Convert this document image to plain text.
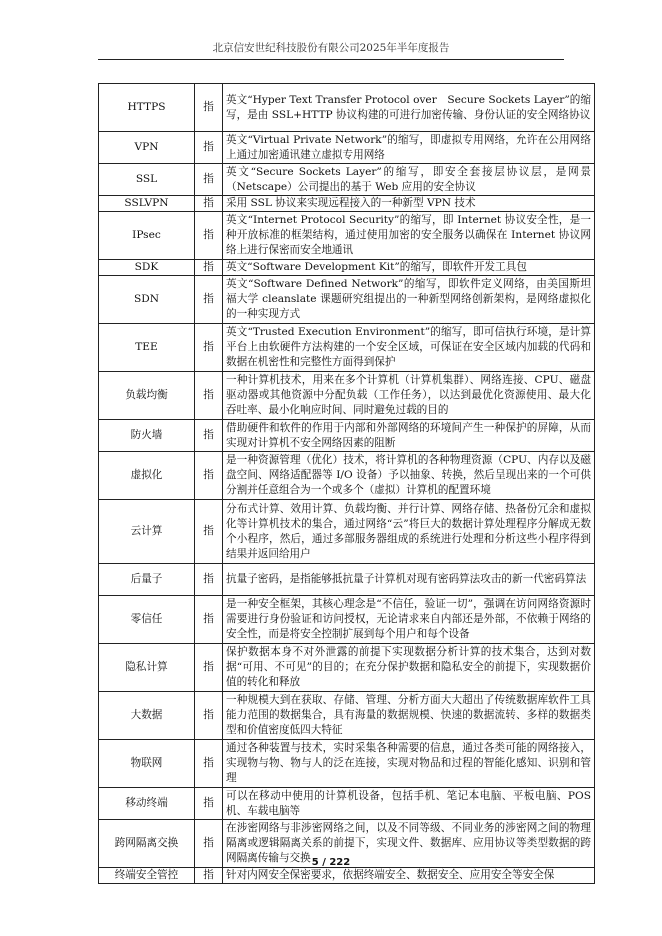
北京信安世纪科技股份有限公司2025年半年度报告
HTTPS	指	英文“Hyper Text Transfer Protocol over　Secure Sockets Layer”的缩写，是由 SSL+HTTP 协议构建的可进行加密传输、身份认证的安全网络协议
VPN	指	英文“Virtual Private Network”的缩写，即虚拟专用网络，允许在公用网络上通过加密通讯建立虚拟专用网络
SSL	指	英文“Secure Sockets Layer”的缩写，即安全套接层协议层，是网景（Netscape）公司提出的基于 Web 应用的安全协议
SSLVPN	指	采用 SSL 协议来实现远程接入的一种新型 VPN 技术
IPsec	指	英文“Internet Protocol Security”的缩写，即 Internet 协议安全性，是一种开放标准的框架结构，通过使用加密的安全服务以确保在 Internet 协议网络上进行保密而安全地通讯
SDK	指	英文“Software Development Kit”的缩写，即软件开发工具包
SDN	指	英文“Software Defined Network”的缩写，即软件定义网络，由美国斯坦福大学 cleanslate 课题研究组提出的一种新型网络创新架构，是网络虚拟化的一种实现方式
TEE	指	英文“Trusted Execution Environment”的缩写，即可信执行环境，是计算平台上由软硬件方法构建的一个安全区域，可保证在安全区域内加载的代码和数据在机密性和完整性方面得到保护
负载均衡	指	一种计算机技术，用来在多个计算机（计算机集群）、网络连接、CPU、磁盘驱动器或其他资源中分配负载（工作任务），以达到最优化资源使用、最大化吞吐率、最小化响应时间、同时避免过载的目的
防火墙	指	借助硬件和软件的作用于内部和外部网络的环境间产生一种保护的屏障，从而实现对计算机不安全网络因素的阻断
虚拟化	指	是一种资源管理（优化）技术，将计算机的各种物理资源（CPU、内存以及磁盘空间、网络适配器等 I/O 设备）予以抽象、转换，然后呈现出来的一个可供分割并任意组合为一个或多个（虚拟）计算机的配置环境
云计算	指	分布式计算、效用计算、负载均衡、并行计算、网络存储、热备份冗余和虚拟化等计算机技术的集合，通过网络“云”将巨大的数据计算处理程序分解成无数个小程序，然后，通过多部服务器组成的系统进行处理和分析这些小程序得到结果并返回给用户
后量子	指	抗量子密码，是指能够抵抗量子计算机对现有密码算法攻击的新一代密码算法
零信任	指	是一种安全框架，其核心理念是“不信任，验证一切”，强调在访问网络资源时需要进行身份验证和访问授权，无论请求来自内部还是外部，不依赖于网络的安全性，而是将安全控制扩展到每个用户和每个设备
隐私计算	指	保护数据本身不对外泄露的前提下实现数据分析计算的技术集合，达到对数据“可用、不可见”的目的；在充分保护数据和隐私安全的前提下，实现数据价值的转化和释放
大数据	指	一种规模大到在获取、存储、管理、分析方面大大超出了传统数据库软件工具能力范围的数据集合，具有海量的数据规模、快速的数据流转、多样的数据类型和价值密度低四大特征
物联网	指	通过各种装置与技术，实时采集各种需要的信息，通过各类可能的网络接入，实现物与物、物与人的泛在连接，实现对物品和过程的智能化感知、识别和管理
移动终端	指	可以在移动中使用的计算机设备，包括手机、笔记本电脑、平板电脑、POS 机、车载电脑等
跨网隔离交换	指	在涉密网络与非涉密网络之间，以及不同等级、不同业务的涉密网之间的物理隔离或逻辑隔离关系的前提下，实现文件、数据库、应用协议等类型数据的跨网隔离传输与交换
终端安全管控	指	针对内网安全保密要求，依据终端安全、数据安全、应用安全等安全保
5 / 222
